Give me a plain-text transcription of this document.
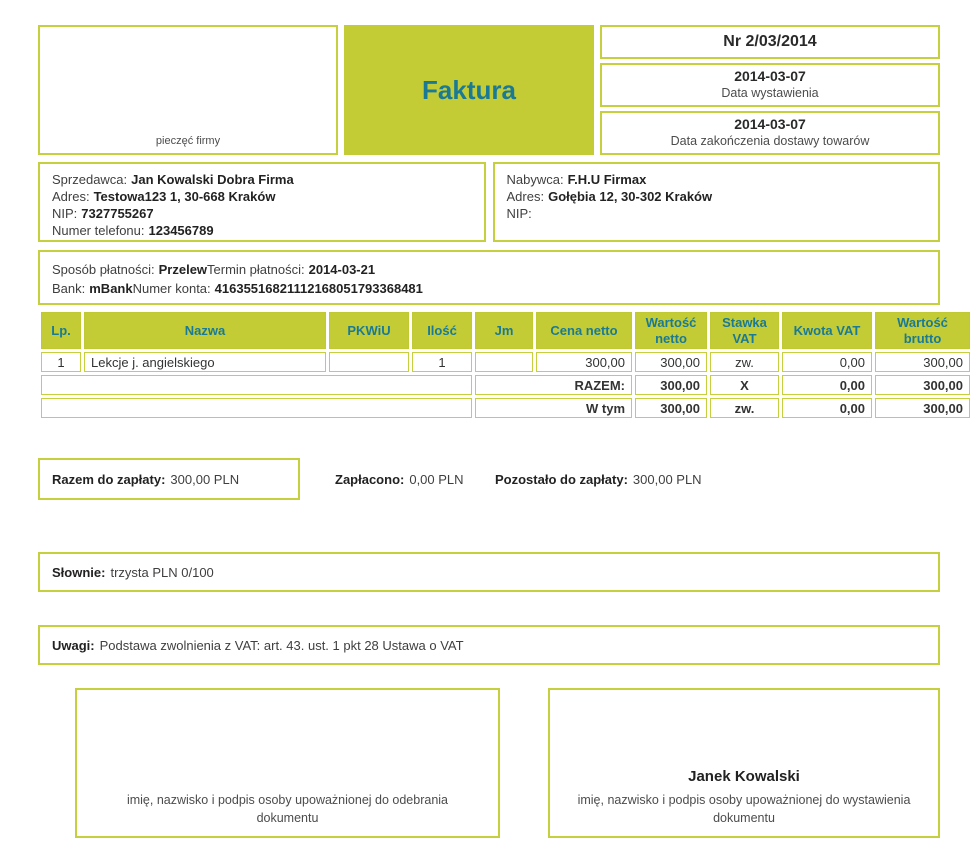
pieczęć firmy
Faktura
Nr 2/03/2014
2014-03-07
Data wystawienia
2014-03-07
Data zakończenia dostawy towarów
Sprzedawca: Jan Kowalski Dobra Firma
Adres: Testowa123 1, 30-668 Kraków
NIP: 7327755267
Numer telefonu: 123456789
Nabywca: F.H.U Firmax
Adres: Gołębia 12, 30-302 Kraków
NIP:
Sposób płatności: PrzelewTermin płatności: 2014-03-21
Bank: mBankNumer konta: 41635516821112168051793368481
Lp.	Nazwa	PKWiU	Ilość	Jm	Cena netto	Wartość netto	Stawka VAT	Kwota VAT	Wartość brutto
1	Lekcje j. angielskiego		1		300,00	300,00	zw.	0,00	300,00
				RAZEM:		300,00	X	0,00	300,00
				W tym		300,00	zw.	0,00	300,00
Razem do zapłaty: 300,00 PLN	Zapłacono: 0,00 PLN Pozostało do zapłaty: 300,00 PLN
Słownie: trzysta PLN 0/100
Uwagi: Podstawa zwolnienia z VAT: art. 43. ust. 1 pkt 28 Ustawa o VAT
imię, nazwisko i podpis osoby upoważnionej do odebrania dokumentu
Janek Kowalski
imię, nazwisko i podpis osoby upoważnionej do wystawienia dokumentu
